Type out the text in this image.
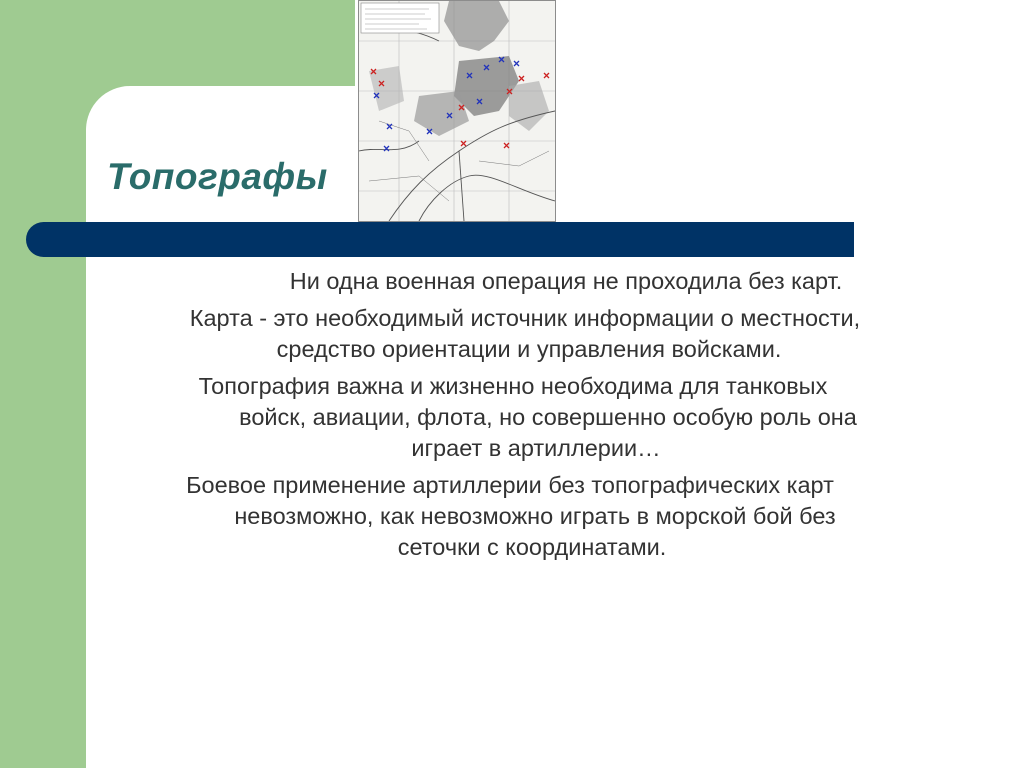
Топографы

Ни одна военная операция не проходила без карт.

Карта - это необходимый источник информации о местности,
средство ориентации и управления войсками.

Топография важна и жизненно необходима для танковых
войск, авиации, флота, но совершенно особую роль она
играет в артиллерии…

Боевое применение артиллерии без топографических карт
невозможно, как невозможно играть в морской бой без
сеточки с координатами.
